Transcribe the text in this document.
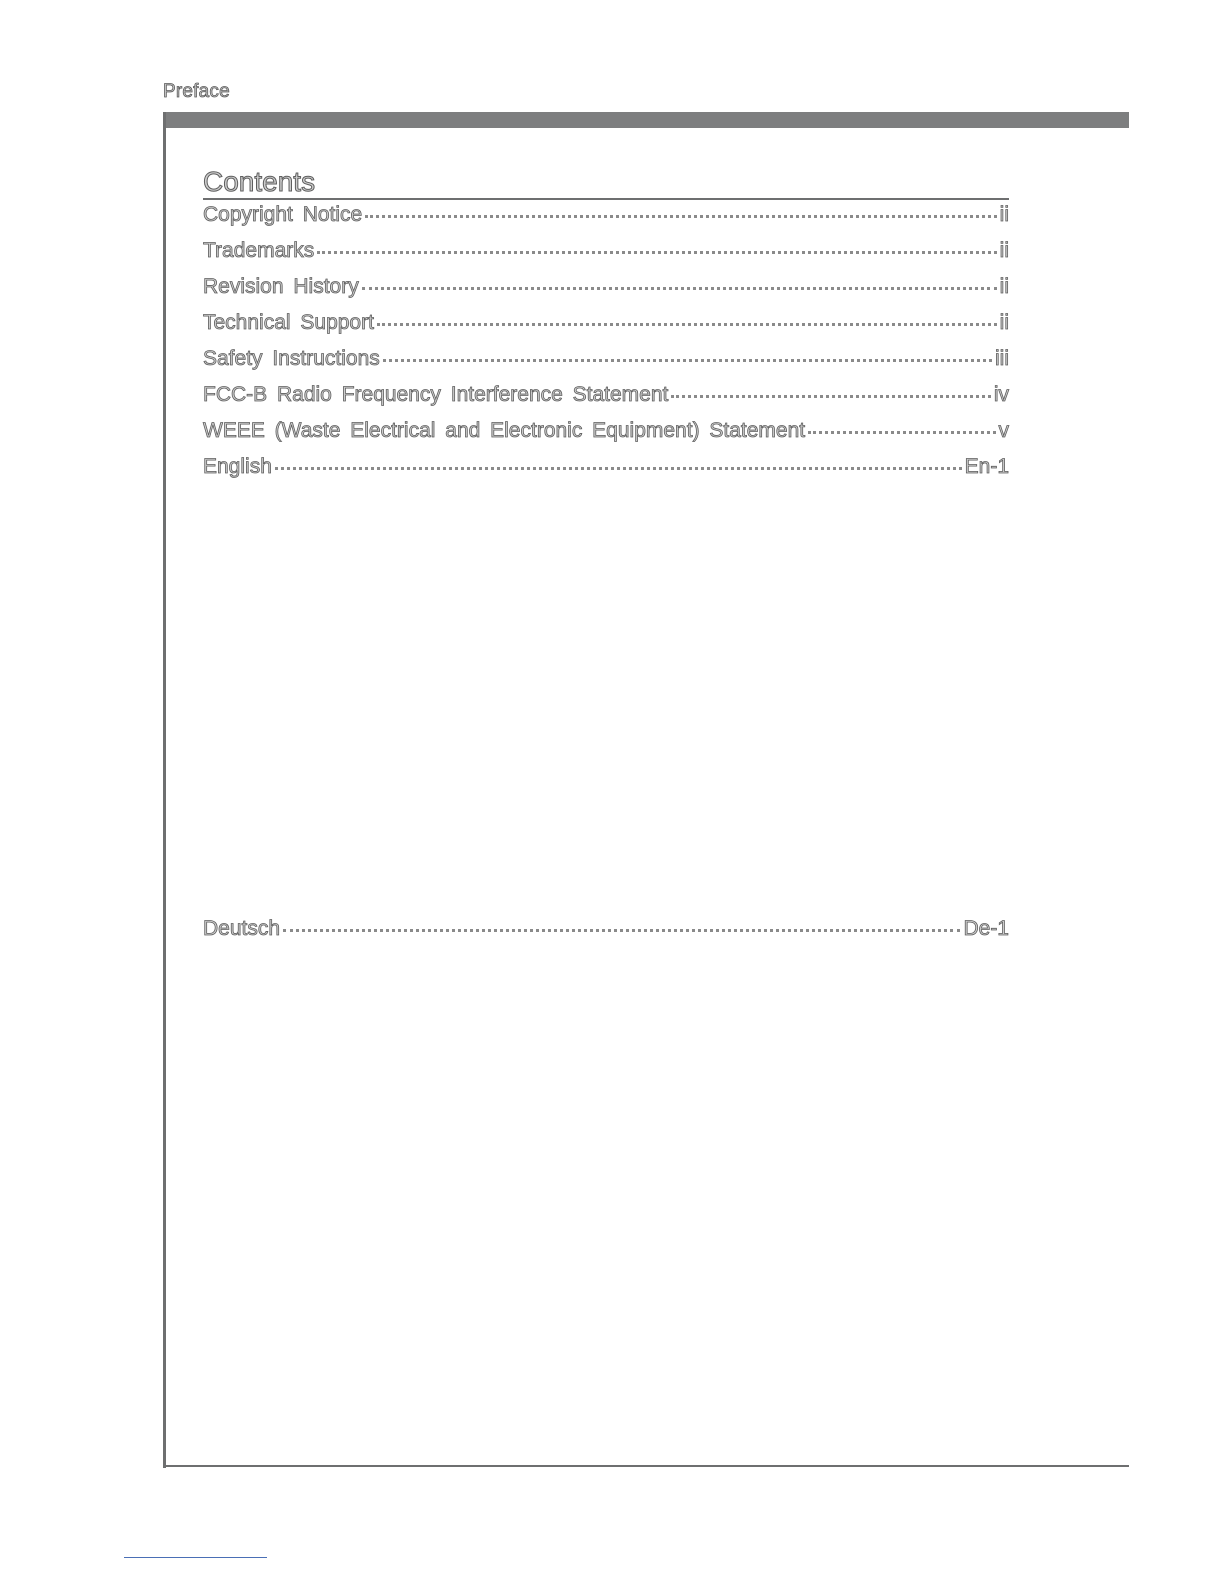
Preface
Contents
Copyright Notice	ii
Trademarks	ii
Revision History	ii
Technical Support	ii
Safety Instructions	iii
FCC-B Radio Frequency Interference Statement	iv
WEEE (Waste Electrical and Electronic Equipment) Statement	v
English	En-1
Deutsch	De-1
